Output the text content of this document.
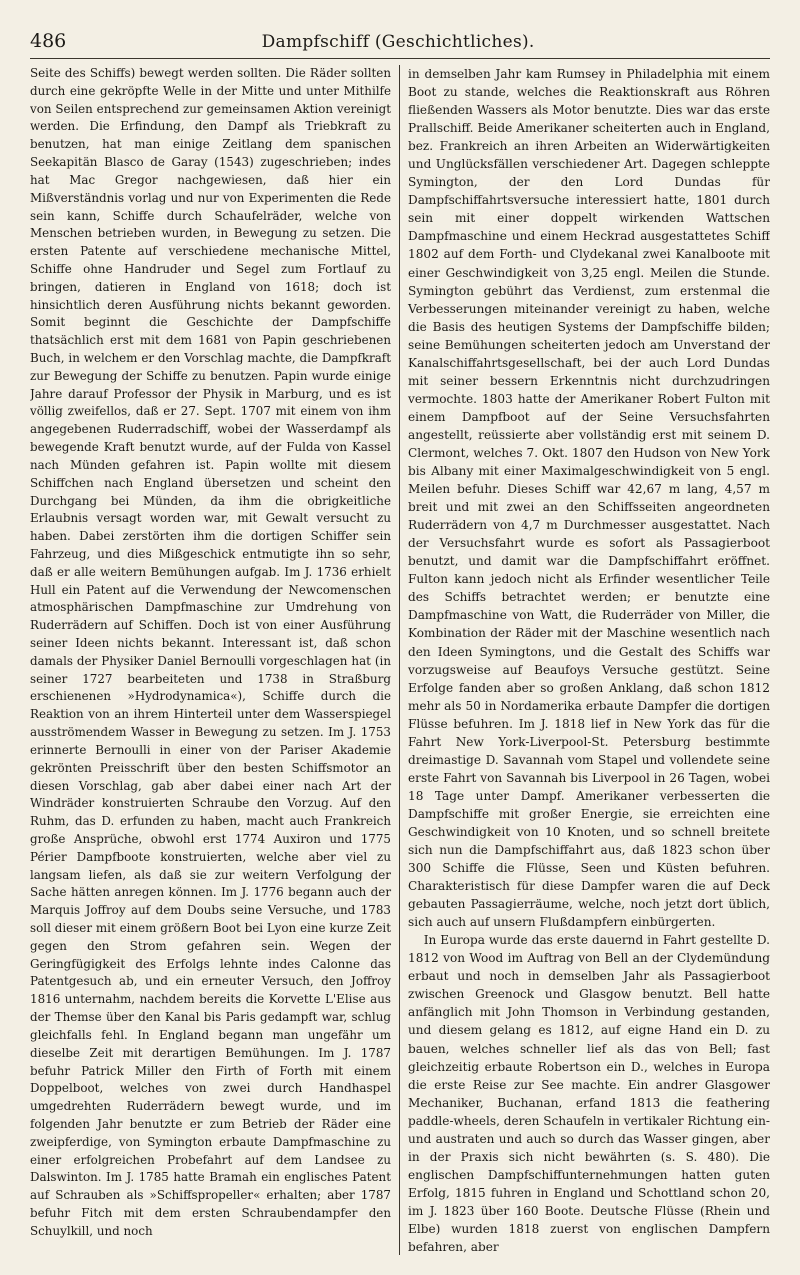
486	Dampfschiff (Geschichtliches).

Seite des Schiffs) bewegt werden sollten. Die Räder sollten durch eine gekröpfte Welle in der Mitte und unter Mithilfe von Seilen entsprechend zur gemeinsamen Aktion vereinigt werden. Die Erfindung, den Dampf als Triebkraft zu benutzen, hat man einige Zeitlang dem spanischen Seekapitän Blasco de Garay (1543) zugeschrieben; indes hat Mac Gregor nachgewiesen, daß hier ein Mißverständnis vorlag und nur von Experimenten die Rede sein kann, Schiffe durch Schaufelräder, welche von Menschen betrieben wurden, in Bewegung zu setzen. Die ersten Patente auf verschiedene mechanische Mittel, Schiffe ohne Handruder und Segel zum Fortlauf zu bringen, datieren in England von 1618; doch ist hinsichtlich deren Ausführung nichts bekannt geworden. Somit beginnt die Geschichte der Dampfschiffe thatsächlich erst mit dem 1681 von Papin geschriebenen Buch, in welchem er den Vorschlag machte, die Dampfkraft zur Bewegung der Schiffe zu benutzen. Papin wurde einige Jahre darauf Professor der Physik in Marburg, und es ist völlig zweifellos, daß er 27. Sept. 1707 mit einem von ihm angegebenen Ruderradschiff, wobei der Wasserdampf als bewegende Kraft benutzt wurde, auf der Fulda von Kassel nach Münden gefahren ist. Papin wollte mit diesem Schiffchen nach England übersetzen und scheint den Durchgang bei Münden, da ihm die obrigkeitliche Erlaubnis versagt worden war, mit Gewalt versucht zu haben. Dabei zerstörten ihm die dortigen Schiffer sein Fahrzeug, und dies Mißgeschick entmutigte ihn so sehr, daß er alle weitern Bemühungen aufgab. Im J. 1736 erhielt Hull ein Patent auf die Verwendung der Newcomenschen atmosphärischen Dampfmaschine zur Umdrehung von Ruderrädern auf Schiffen. Doch ist von einer Ausführung seiner Ideen nichts bekannt. Interessant ist, daß schon damals der Physiker Daniel Bernoulli vorgeschlagen hat (in seiner 1727 bearbeiteten und 1738 in Straßburg erschienenen »Hydrodynamica«), Schiffe durch die Reaktion von an ihrem Hinterteil unter dem Wasserspiegel ausströmendem Wasser in Bewegung zu setzen. Im J. 1753 erinnerte Bernoulli in einer von der Pariser Akademie gekrönten Preisschrift über den besten Schiffsmotor an diesen Vorschlag, gab aber dabei einer nach Art der Windräder konstruierten Schraube den Vorzug. Auf den Ruhm, das D. erfunden zu haben, macht auch Frankreich große Ansprüche, obwohl erst 1774 Auxiron und 1775 Périer Dampfboote konstruierten, welche aber viel zu langsam liefen, als daß sie zur weitern Verfolgung der Sache hätten anregen können. Im J. 1776 begann auch der Marquis Joffroy auf dem Doubs seine Versuche, und 1783 soll dieser mit einem größern Boot bei Lyon eine kurze Zeit gegen den Strom gefahren sein. Wegen der Geringfügigkeit des Erfolgs lehnte indes Calonne das Patentgesuch ab, und ein erneuter Versuch, den Joffroy 1816 unternahm, nachdem bereits die Korvette L'Elise aus der Themse über den Kanal bis Paris gedampft war, schlug gleichfalls fehl. In England begann man ungefähr um dieselbe Zeit mit derartigen Bemühungen. Im J. 1787 befuhr Patrick Miller den Firth of Forth mit einem Doppelboot, welches von zwei durch Handhaspel umgedrehten Ruderrädern bewegt wurde, und im folgenden Jahr benutzte er zum Betrieb der Räder eine zweipferdige, von Symington erbaute Dampfmaschine zu einer erfolgreichen Probefahrt auf dem Landsee zu Dalswinton. Im J. 1785 hatte Bramah ein englisches Patent auf Schrauben als »Schiffspropeller« erhalten; aber 1787 befuhr Fitch mit dem ersten Schraubendampfer den Schuylkill, und noch

in demselben Jahr kam Rumsey in Philadelphia mit einem Boot zu stande, welches die Reaktionskraft aus Röhren fließenden Wassers als Motor benutzte. Dies war das erste Prallschiff. Beide Amerikaner scheiterten auch in England, bez. Frankreich an ihren Arbeiten an Widerwärtigkeiten und Unglücksfällen verschiedener Art. Dagegen schleppte Symington, der den Lord Dundas für Dampfschiffahrtsversuche interessiert hatte, 1801 durch sein mit einer doppelt wirkenden Wattschen Dampfmaschine und einem Heckrad ausgestattetes Schiff 1802 auf dem Forth- und Clydekanal zwei Kanalboote mit einer Geschwindigkeit von 3,25 engl. Meilen die Stunde. Symington gebührt das Verdienst, zum erstenmal die Verbesserungen miteinander vereinigt zu haben, welche die Basis des heutigen Systems der Dampfschiffe bilden; seine Bemühungen scheiterten jedoch am Unverstand der Kanalschiffahrtsgesellschaft, bei der auch Lord Dundas mit seiner bessern Erkenntnis nicht durchzudringen vermochte. 1803 hatte der Amerikaner Robert Fulton mit einem Dampfboot auf der Seine Versuchsfahrten angestellt, reüssierte aber vollständig erst mit seinem D. Clermont, welches 7. Okt. 1807 den Hudson von New York bis Albany mit einer Maximalgeschwindigkeit von 5 engl. Meilen befuhr. Dieses Schiff war 42,67 m lang, 4,57 m breit und mit zwei an den Schiffsseiten angeordneten Ruderrädern von 4,7 m Durchmesser ausgestattet. Nach der Versuchsfahrt wurde es sofort als Passagierboot benutzt, und damit war die Dampfschiffahrt eröffnet. Fulton kann jedoch nicht als Erfinder wesentlicher Teile des Schiffs betrachtet werden; er benutzte eine Dampfmaschine von Watt, die Ruderräder von Miller, die Kombination der Räder mit der Maschine wesentlich nach den Ideen Symingtons, und die Gestalt des Schiffs war vorzugsweise auf Beaufoys Versuche gestützt. Seine Erfolge fanden aber so großen Anklang, daß schon 1812 mehr als 50 in Nordamerika erbaute Dampfer die dortigen Flüsse befuhren. Im J. 1818 lief in New York das für die Fahrt New York-Liverpool-St. Petersburg bestimmte dreimastige D. Savannah vom Stapel und vollendete seine erste Fahrt von Savannah bis Liverpool in 26 Tagen, wobei 18 Tage unter Dampf. Amerikaner verbesserten die Dampfschiffe mit großer Energie, sie erreichten eine Geschwindigkeit von 10 Knoten, und so schnell breitete sich nun die Dampfschiffahrt aus, daß 1823 schon über 300 Schiffe die Flüsse, Seen und Küsten befuhren. Charakteristisch für diese Dampfer waren die auf Deck gebauten Passagierräume, welche, noch jetzt dort üblich, sich auch auf unsern Flußdampfern einbürgerten.

In Europa wurde das erste dauernd in Fahrt gestellte D. 1812 von Wood im Auftrag von Bell an der Clydemündung erbaut und noch in demselben Jahr als Passagierboot zwischen Greenock und Glasgow benutzt. Bell hatte anfänglich mit John Thomson in Verbindung gestanden, und diesem gelang es 1812, auf eigne Hand ein D. zu bauen, welches schneller lief als das von Bell; fast gleichzeitig erbaute Robertson ein D., welches in Europa die erste Reise zur See machte. Ein andrer Glasgower Mechaniker, Buchanan, erfand 1813 die feathering paddle-wheels, deren Schaufeln in vertikaler Richtung ein- und austraten und auch so durch das Wasser gingen, aber in der Praxis sich nicht bewährten (s. S. 480). Die englischen Dampfschiffunternehmungen hatten guten Erfolg, 1815 fuhren in England und Schottland schon 20, im J. 1823 über 160 Boote. Deutsche Flüsse (Rhein und Elbe) wurden 1818 zuerst von englischen Dampfern befahren, aber
